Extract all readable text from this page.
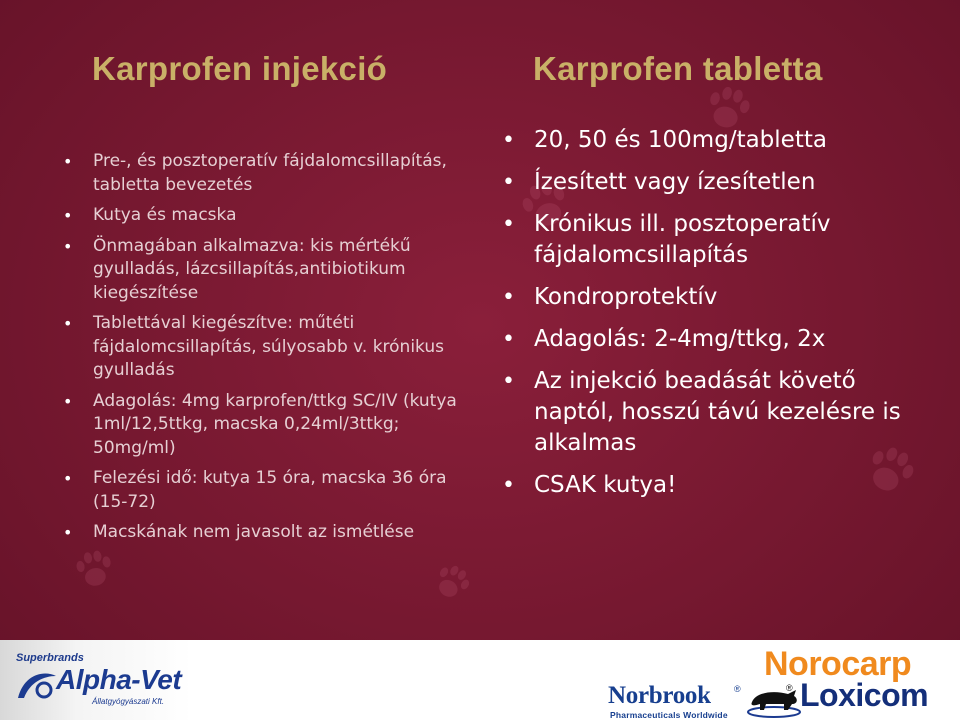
Karprofen injekció	Karprofen tabletta
• Pre-, és posztoperatív fájdalomcsillapítás, tabletta bevezetés
• Kutya és macska
• Önmagában alkalmazva: kis mértékű gyulladás, lázcsillapítás,antibiotikum kiegészítése
• Tablettával kiegészítve: műtéti fájdalomcsillapítás, súlyosabb v. krónikus gyulladás
• Adagolás: 4mg karprofen/ttkg SC/IV (kutya 1ml/12,5ttkg, macska 0,24ml/3ttkg; 50mg/ml)
• Felezési idő: kutya 15 óra, macska 36 óra (15-72)
• Macskának nem javasolt az ismétlése
• 20, 50 és 100mg/tabletta
• Ízesített vagy ízesítetlen
• Krónikus ill. posztoperatív fájdalomcsillapítás
• Kondroprotektív
• Adagolás: 2-4mg/ttkg, 2x
• Az injekció beadását követő naptól, hosszú távú kezelésre is alkalmas
• CSAK kutya!
Superbrands
Alpha-Vet
Állatgyógyászati Kft.	Norbrook	®
Pharmaceuticals Worldwide
®
Norocarp
Loxicom
